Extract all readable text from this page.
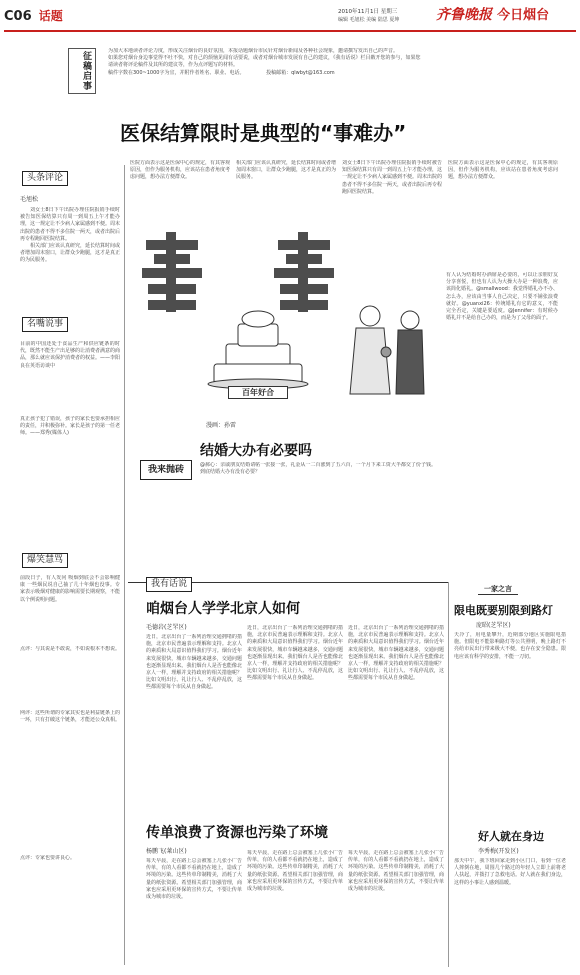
C06 话题	2010年11月1日 星期三
编辑 毛旭松 美编 陆思 夏坤	齐鲁晚报 今日烟台
征稿启事	为加大本地读者评论力度，形成关注烟台的良好氛围，本报话题烟台市民针对烟台新闻及各种社会现象，邀请撰写发出自己的声音。
如果您对烟台身边事觉得不吐不快，对自己的烦恼见闻有话要说，或者对烟台城市发展有自己的建议，《我有话说》栏目敞开您的参与，如果您
请读者将评论稿件及其所的建议等，作为点评题写的材料。
稿件字数在300~1000字为宜，并附作者姓名、职业、电话。	投稿邮箱：qlwbyt@163.com
医保结算限时是典型的“事难办”
头条评论
毛旭松

刘女士8日下午出院办理住院报销手续时被告知医保结算只有周一到周五上午才能办理，这一规定让不少病人家属感到不便。周末出院的患者不得不多住院一两天，或者出院后再专程跑回医院结算。

相关部门应该认真研究，延长结算时间或者增加周末窗口，让群众少跑腿，这才是真正的为民服务。

名嘴说事
目前的中国还处于食品生产和供应链条的时代，既然不能生产出足够的让消费者满意的商品，那么就应该保护消费者的权益。——李阳良在英语访谈中
真正孩子犯了错误，孩子的家长也要承担相应的责任，并积极弥补。家长是孩子的第一任老师。——郑秀(媒体人)
爆笑慧骂
前段日子，有人发问 吸烟到底会不会影响健康 一些烟民说自己抽了几十年烟也没事。专家表示吸烟对健康的影响需要长期观察，不能以个例说明问题。
点评：与其说是不敢说，不如说根本不想说。
网评：这些所谓的专家其实也是利益链条上的一环，只有打破这个链条，才能还公众真相。
点评：专家也要讲良心。
医院方面表示这是医保中心的规定，有其客观原因，但作为服务机构，应该站在患者角度考虑问题，想办法方便群众。
相关部门应该认真研究，延长结算时间或者增加周末窗口，让群众少跑腿，这才是真正的为民服务。
刘女士8日下午出院办理住院报销手续时被告知医保结算只有周一到周五上午才能办理，这一规定让不少病人家属感到不便。周末出院的患者不得不多住院一两天，或者出院后再专程跑回医院结算。
医院方面表示这是医保中心的规定，有其客观原因，但作为服务机构，应该站在患者角度考虑问题，想办法方便群众。
百年好合
漫画：孙雷
结婚大办有必要吗
我来抛砖	@郝心：亲戚朋友结婚请帖一张接一张，礼金从一二百涨到了五六百，一个月下来工资大半都交了份子钱。到底结婚大办有没有必要？
有人认为结婚时办酒席是必要的，可以让亲朋好友分享喜悦，但也有人认为大操大办是一种浪费，应该简化婚礼。@smallwood：我觉得婚礼办不办、怎么办，应该由当事人自己决定，只要不铺张浪费就好。@yuanxi26：传统婚礼有它的意义，不能完全否定，关键是要适度。@Jennifer：有时候办婚礼并不是给自己办的，而是为了父母的面子。
我有话说
咱烟台人学学北京人如何
毛德岩(芝罘区)
近日，北京出台了一系列治理交通拥堵的措施，北京市民普遍表示理解和支持。北京人的素质和大局意识值得我们学习。烟台近年来发展很快，城市车辆越来越多，交通问题也逐渐显现出来。我们烟台人是否也能像北京人一样，理解并支持政府的相关措施呢？比如文明出行、礼让行人、不乱停乱放，这些都需要每个市民从自身做起。
近日，北京出台了一系列治理交通拥堵的措施，北京市民普遍表示理解和支持。北京人的素质和大局意识值得我们学习。烟台近年来发展很快，城市车辆越来越多，交通问题也逐渐显现出来。我们烟台人是否也能像北京人一样，理解并支持政府的相关措施呢？比如文明出行、礼让行人、不乱停乱放，这些都需要每个市民从自身做起。
近日，北京出台了一系列治理交通拥堵的措施，北京市民普遍表示理解和支持。北京人的素质和大局意识值得我们学习。烟台近年来发展很快，城市车辆越来越多，交通问题也逐渐显现出来。我们烟台人是否也能像北京人一样，理解并支持政府的相关措施呢？比如文明出行、礼让行人、不乱停乱放，这些都需要每个市民从自身做起。
传单浪费了资源也污染了环境
杨鹏飞(莱山区)
每天早晨，走在路上总会被塞上几张小广告传单，有的人看都不看就扔在地上，造成了环境的污染。这些传单印制精美，消耗了大量的纸张资源。希望相关部门加强管理，商家也应采用更环保的宣传方式，不要让传单成为城市的垃圾。
每天早晨，走在路上总会被塞上几张小广告传单，有的人看都不看就扔在地上，造成了环境的污染。这些传单印制精美，消耗了大量的纸张资源。希望相关部门加强管理，商家也应采用更环保的宣传方式，不要让传单成为城市的垃圾。
每天早晨，走在路上总会被塞上几张小广告传单，有的人看都不看就扔在地上，造成了环境的污染。这些传单印制精美，消耗了大量的纸张资源。希望相关部门加强管理，商家也应采用更环保的宣传方式，不要让传单成为城市的垃圾。
一家之言
限电既要别限到路灯
庞昭(芝罘区)
天冷了，用电量攀升，近期部分地区实施限电措施。但限电不能影响路灯等公共照明，晚上路灯不亮给市民出行带来极大不便，也存在安全隐患。限电应该有科学的安排，不能一刀切。
好人就在身边
李秀梅(开发区)
那天中午，我下班回家走到小区门口，看到一位老人摔倒在地，周围几个路过的年轻人立即上前将老人扶起，并拨打了急救电话。好人就在我们身边，这样的小事让人感到温暖。
